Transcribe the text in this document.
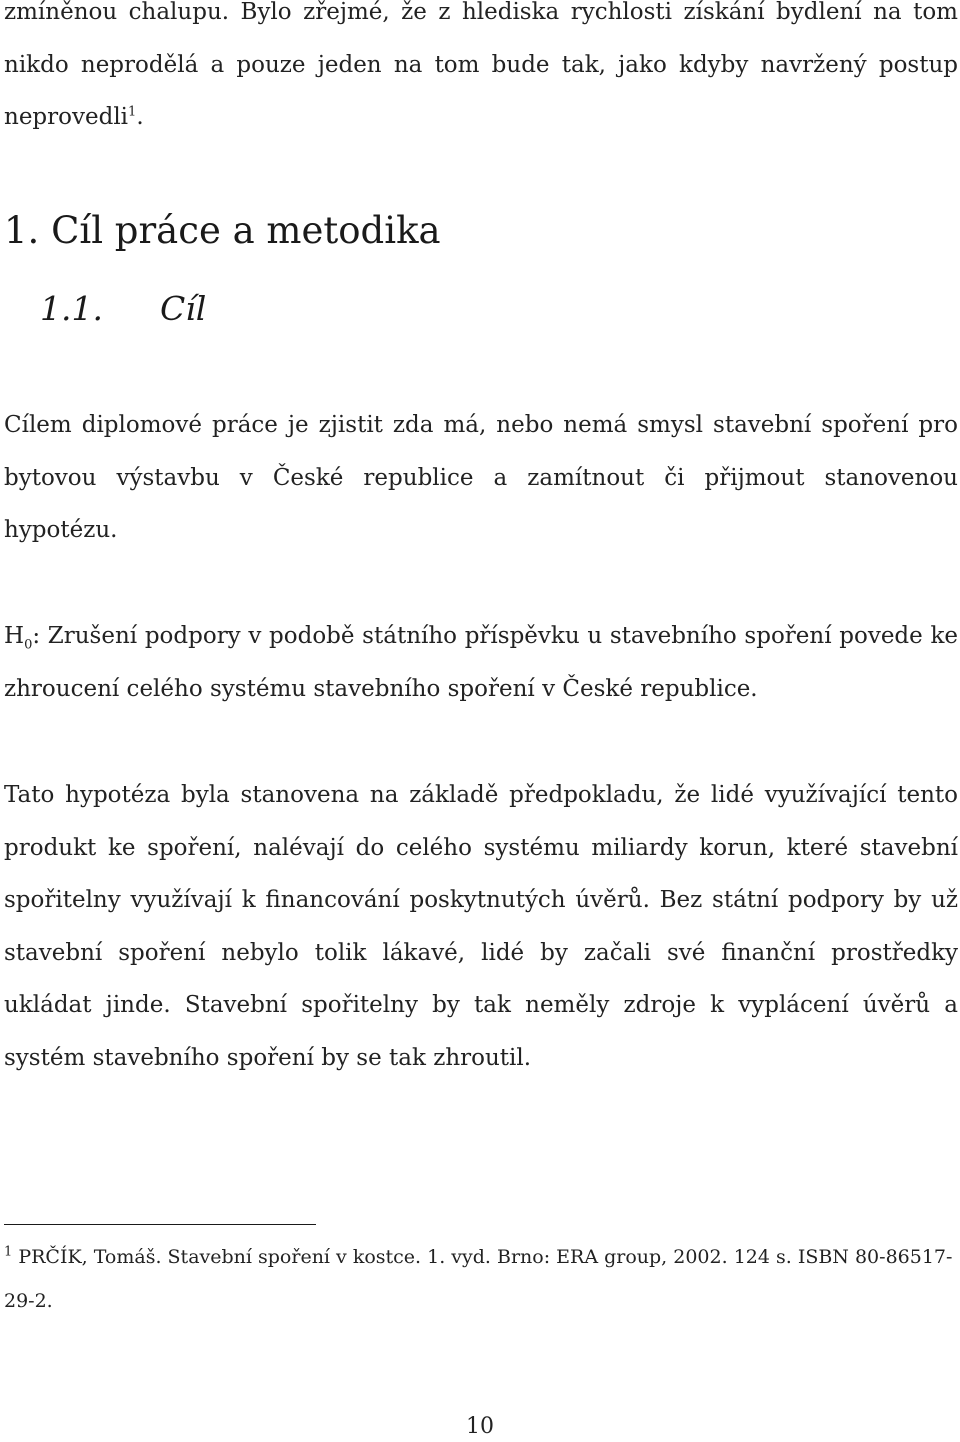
zmíněnou chalupu. Bylo zřejmé, že z hlediska rychlosti získání bydlení na tom nikdo neprodělá a pouze jeden na tom bude tak, jako kdyby navržený postup neprovedli$^1$.

1. Cíl práce a metodika
1.1. Cíl

Cílem diplomové práce je zjistit zda má, nebo nemá smysl stavební spoření pro bytovou výstavbu v České republice a zamítnout či přijmout stanovenou hypotézu.

$H_0$: Zrušení podpory v podobě státního příspěvku u stavebního spoření povede ke zhroucení celého systému stavebního spoření v České republice.

Tato hypotéza byla stanovena na základě předpokladu, že lidé využívající tento produkt ke spoření, nalévají do celého systému miliardy korun, které stavební spořitelny využívají k financování poskytnutých úvěrů. Bez státní podpory by už stavební spoření nebylo tolik lákavé, lidé by začali své finanční prostředky ukládat jinde. Stavební spořitelny by tak neměly zdroje k vyplácení úvěrů a systém stavebního spoření by se tak zhroutil.

$^1$ PRČÍK, Tomáš. Stavební spoření v kostce. 1. vyd. Brno: ERA group, 2002. 124 s. ISBN 80-86517-29-2.

10
